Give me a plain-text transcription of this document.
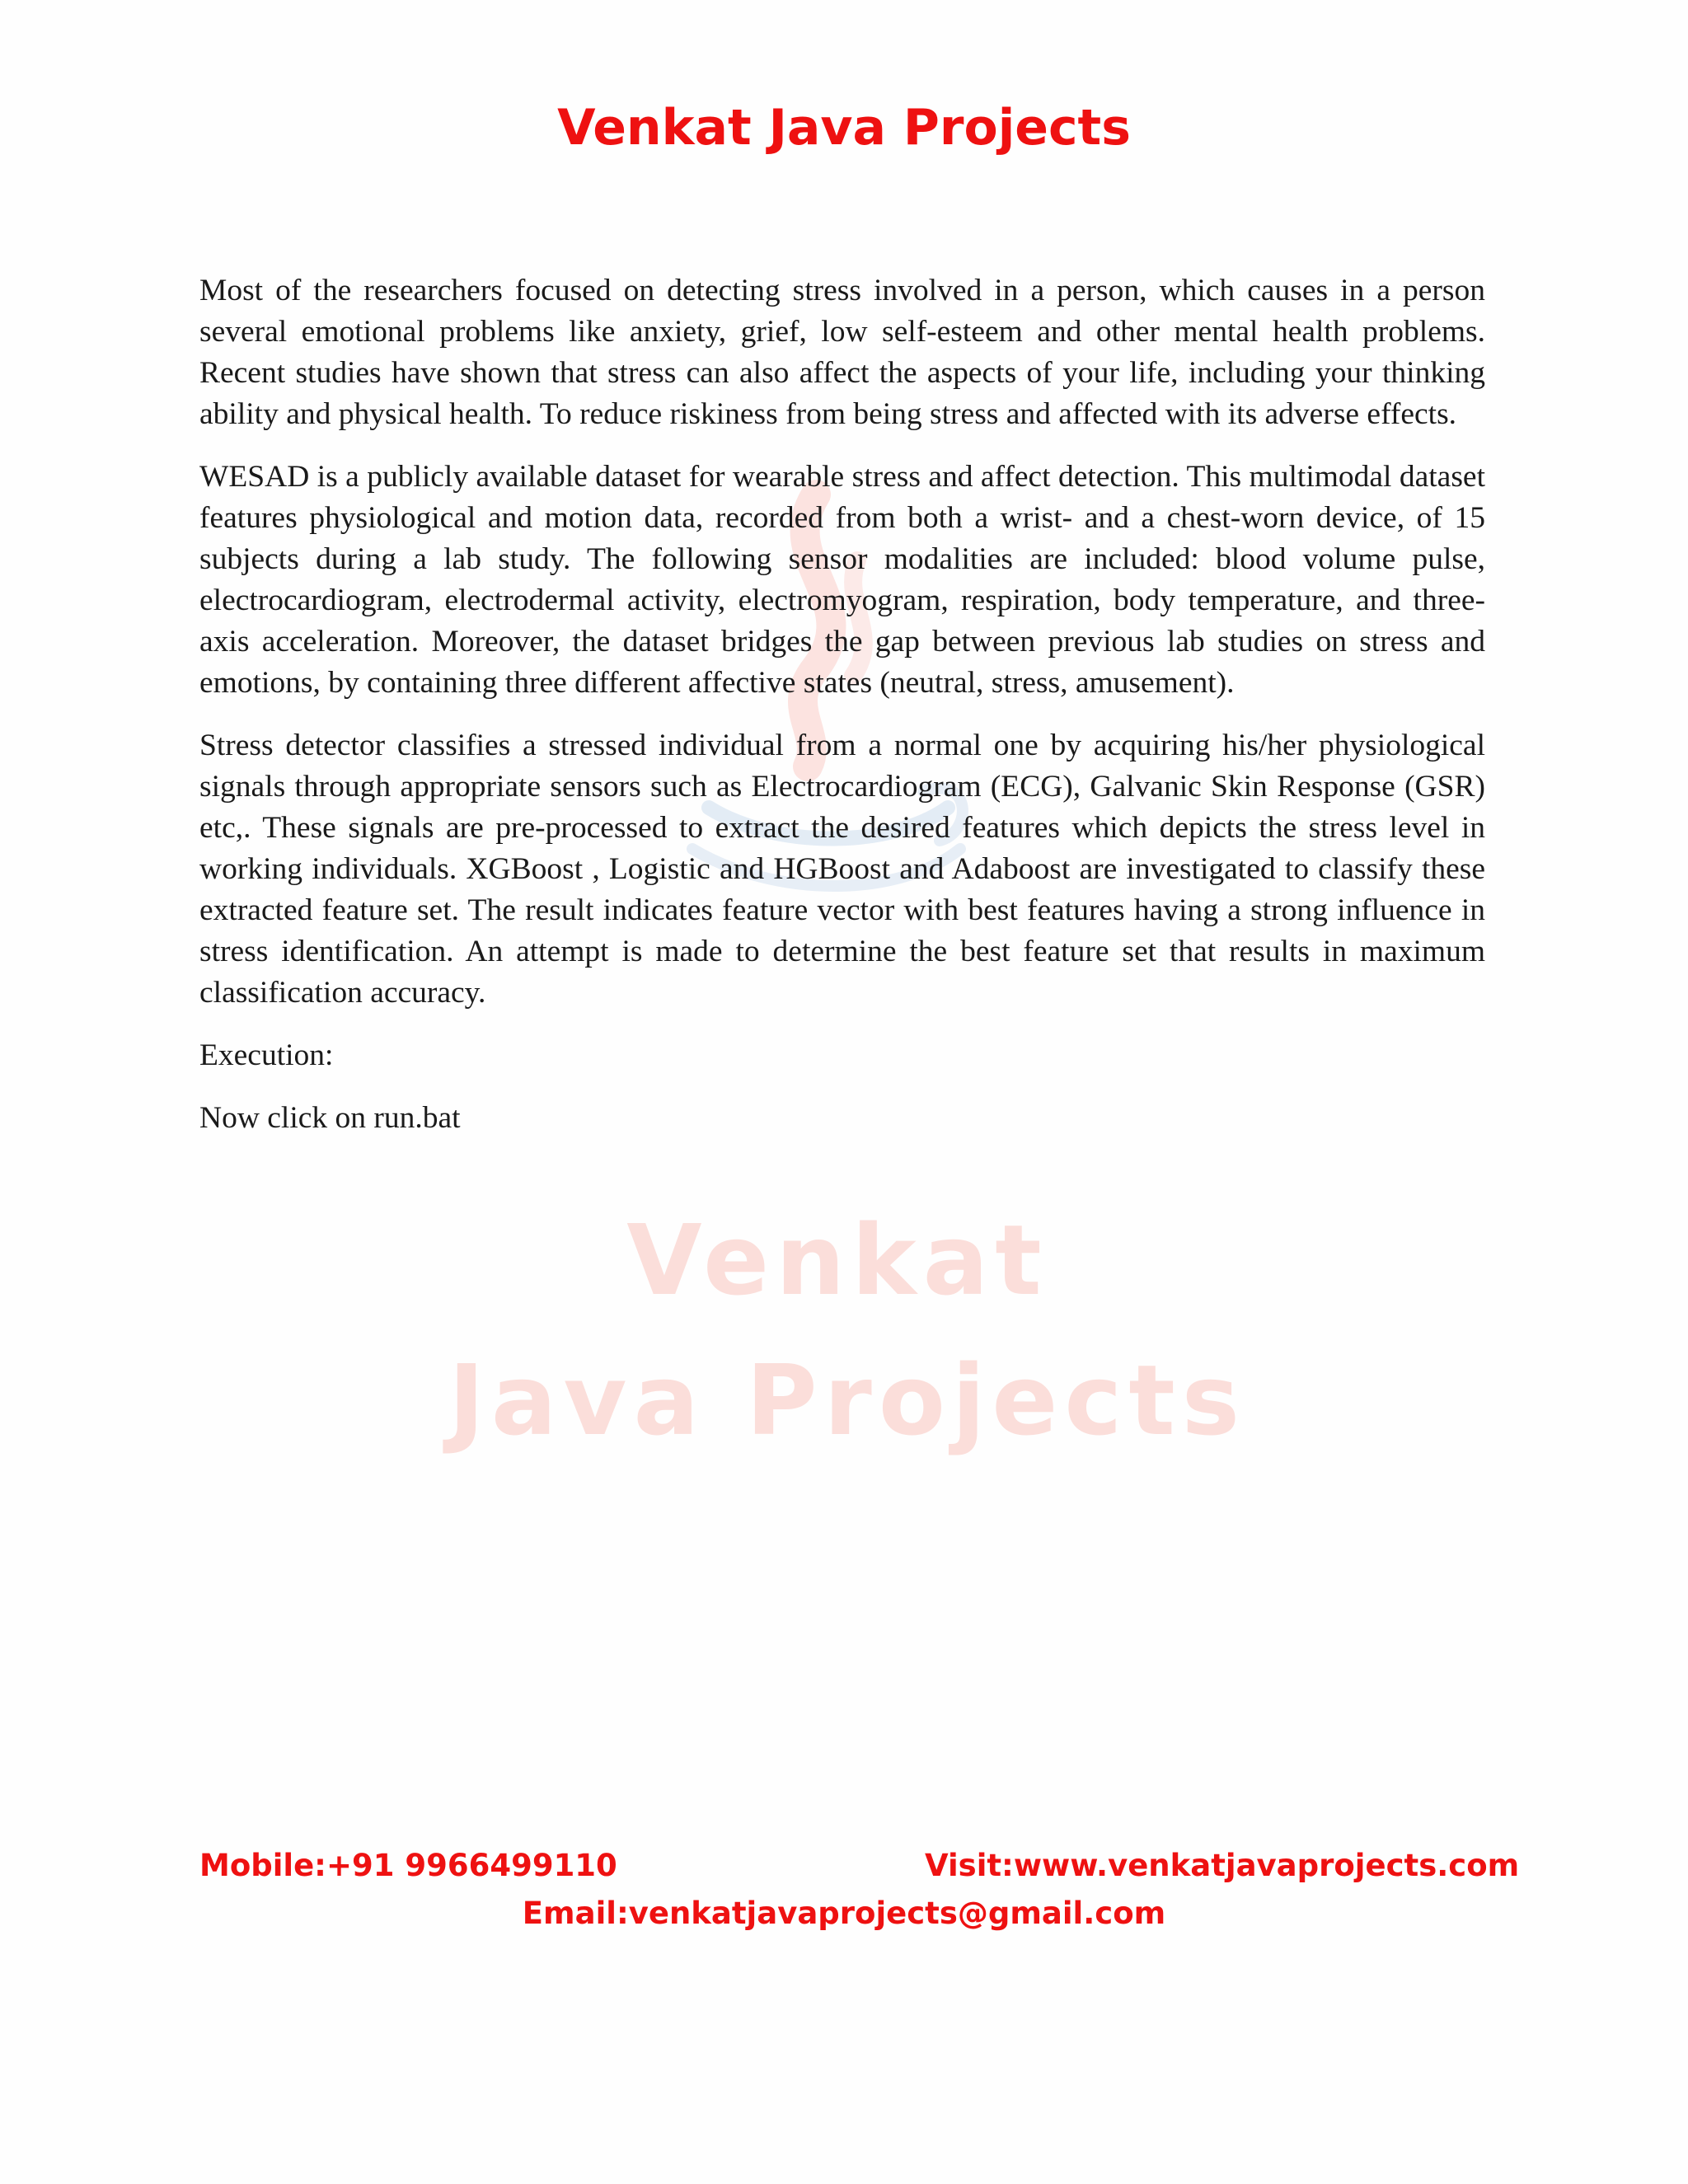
Venkat
Java Projects
Venkat Java Projects

Most of the researchers focused on detecting stress involved in a person, which causes in a person several emotional problems like anxiety, grief, low self-esteem and other mental health problems. Recent studies have shown that stress can also affect the aspects of your life, including your thinking ability and physical health. To reduce riskiness from being stress and affected with its adverse effects.

WESAD is a publicly available dataset for wearable stress and affect detection. This multimodal dataset features physiological and motion data, recorded from both a wrist- and a chest-worn device, of 15 subjects during a lab study. The following sensor modalities are included: blood volume pulse, electrocardiogram, electrodermal activity, electromyogram, respiration, body temperature, and three-axis acceleration. Moreover, the dataset bridges the gap between previous lab studies on stress and emotions, by containing three different affective states (neutral, stress, amusement).

Stress detector classifies a stressed individual from a normal one by acquiring his/her physiological signals through appropriate sensors such as Electrocardiogram (ECG), Galvanic Skin Response (GSR) etc,. These signals are pre-processed to extract the desired features which depicts the stress level in working individuals. XGBoost , Logistic and HGBoost and Adaboost are investigated to classify these extracted feature set. The result indicates feature vector with best features having a strong influence in stress identification. An attempt is made to determine the best feature set that results in maximum classification accuracy.

Execution:

Now click on run.bat

Mobile:+91 9966499110	Visit:www.venkatjavaprojects.com
Email:venkatjavaprojects@gmail.com
